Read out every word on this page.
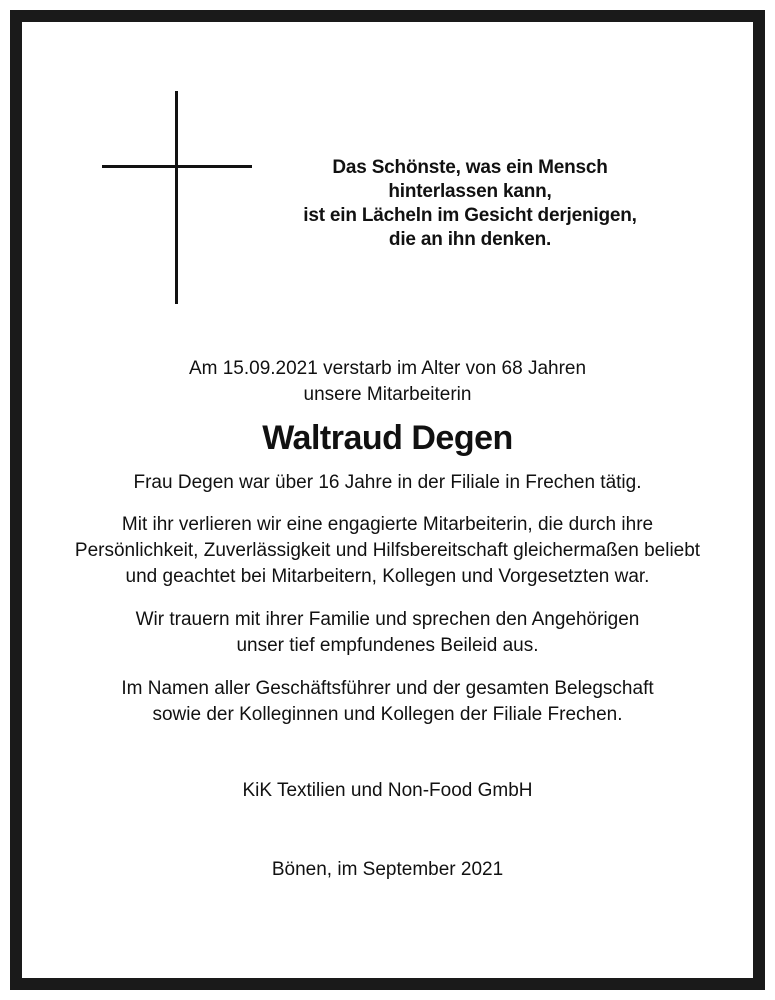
Das Schönste, was ein Mensch
hinterlassen kann,
ist ein Lächeln im Gesicht derjenigen,
die an ihn denken.
Am 15.09.2021 verstarb im Alter von 68 Jahren
unsere Mitarbeiterin
Waltraud Degen
Frau Degen war über 16 Jahre in der Filiale in Frechen tätig.
Mit ihr verlieren wir eine engagierte Mitarbeiterin, die durch ihre
Persönlichkeit, Zuverlässigkeit und Hilfsbereitschaft gleichermaßen beliebt
und geachtet bei Mitarbeitern, Kollegen und Vorgesetzten war.
Wir trauern mit ihrer Familie und sprechen den Angehörigen
unser tief empfundenes Beileid aus.
Im Namen aller Geschäftsführer und der gesamten Belegschaft
sowie der Kolleginnen und Kollegen der Filiale Frechen.
KiK Textilien und Non-Food GmbH
Bönen, im September 2021
